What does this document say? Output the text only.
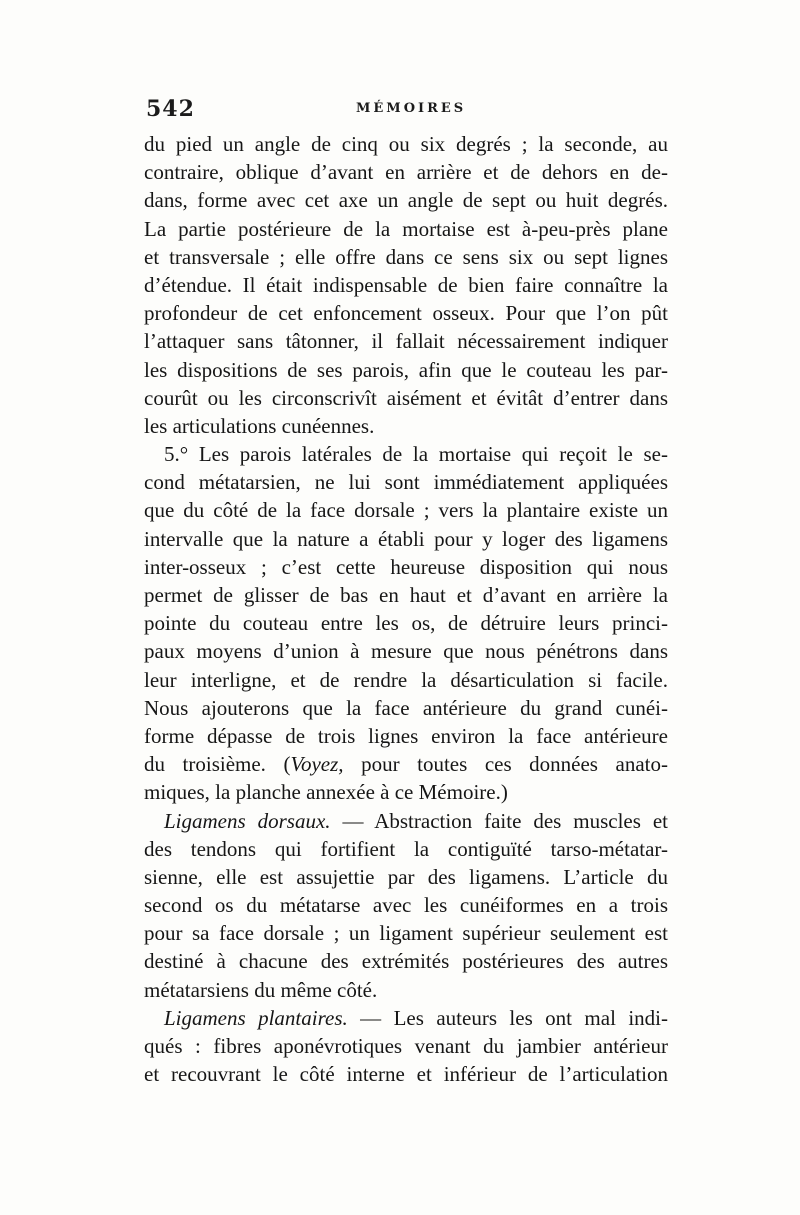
542	MÉMOIRES
du pied un angle de cinq ou six degrés ; la seconde, au
contraire, oblique d’avant en arrière et de dehors en de-
dans, forme avec cet axe un angle de sept ou huit degrés.
La partie postérieure de la mortaise est à-peu-près plane
et transversale ; elle offre dans ce sens six ou sept lignes
d’étendue. Il était indispensable de bien faire connaître la
profondeur de cet enfoncement osseux. Pour que l’on pût
l’attaquer sans tâtonner, il fallait nécessairement indiquer
les dispositions de ses parois, afin que le couteau les par-
courût ou les circonscrivît aisément et évitât d’entrer dans
les articulations cunéennes.
5.° Les parois latérales de la mortaise qui reçoit le se-
cond métatarsien, ne lui sont immédiatement appliquées
que du côté de la face dorsale ; vers la plantaire existe un
intervalle que la nature a établi pour y loger des ligamens
inter-osseux ; c’est cette heureuse disposition qui nous
permet de glisser de bas en haut et d’avant en arrière la
pointe du couteau entre les os, de détruire leurs princi-
paux moyens d’union à mesure que nous pénétrons dans
leur interligne, et de rendre la désarticulation si facile.
Nous ajouterons que la face antérieure du grand cunéi-
forme dépasse de trois lignes environ la face antérieure
du troisième. (Voyez, pour toutes ces données anato-
miques, la planche annexée à ce Mémoire.)
Ligamens dorsaux. — Abstraction faite des muscles et
des tendons qui fortifient la contiguïté tarso-métatar-
sienne, elle est assujettie par des ligamens. L’article du
second os du métatarse avec les cunéiformes en a trois
pour sa face dorsale ; un ligament supérieur seulement est
destiné à chacune des extrémités postérieures des autres
métatarsiens du même côté.
Ligamens plantaires. — Les auteurs les ont mal indi-
qués : fibres aponévrotiques venant du jambier antérieur
et recouvrant le côté interne et inférieur de l’articulation
